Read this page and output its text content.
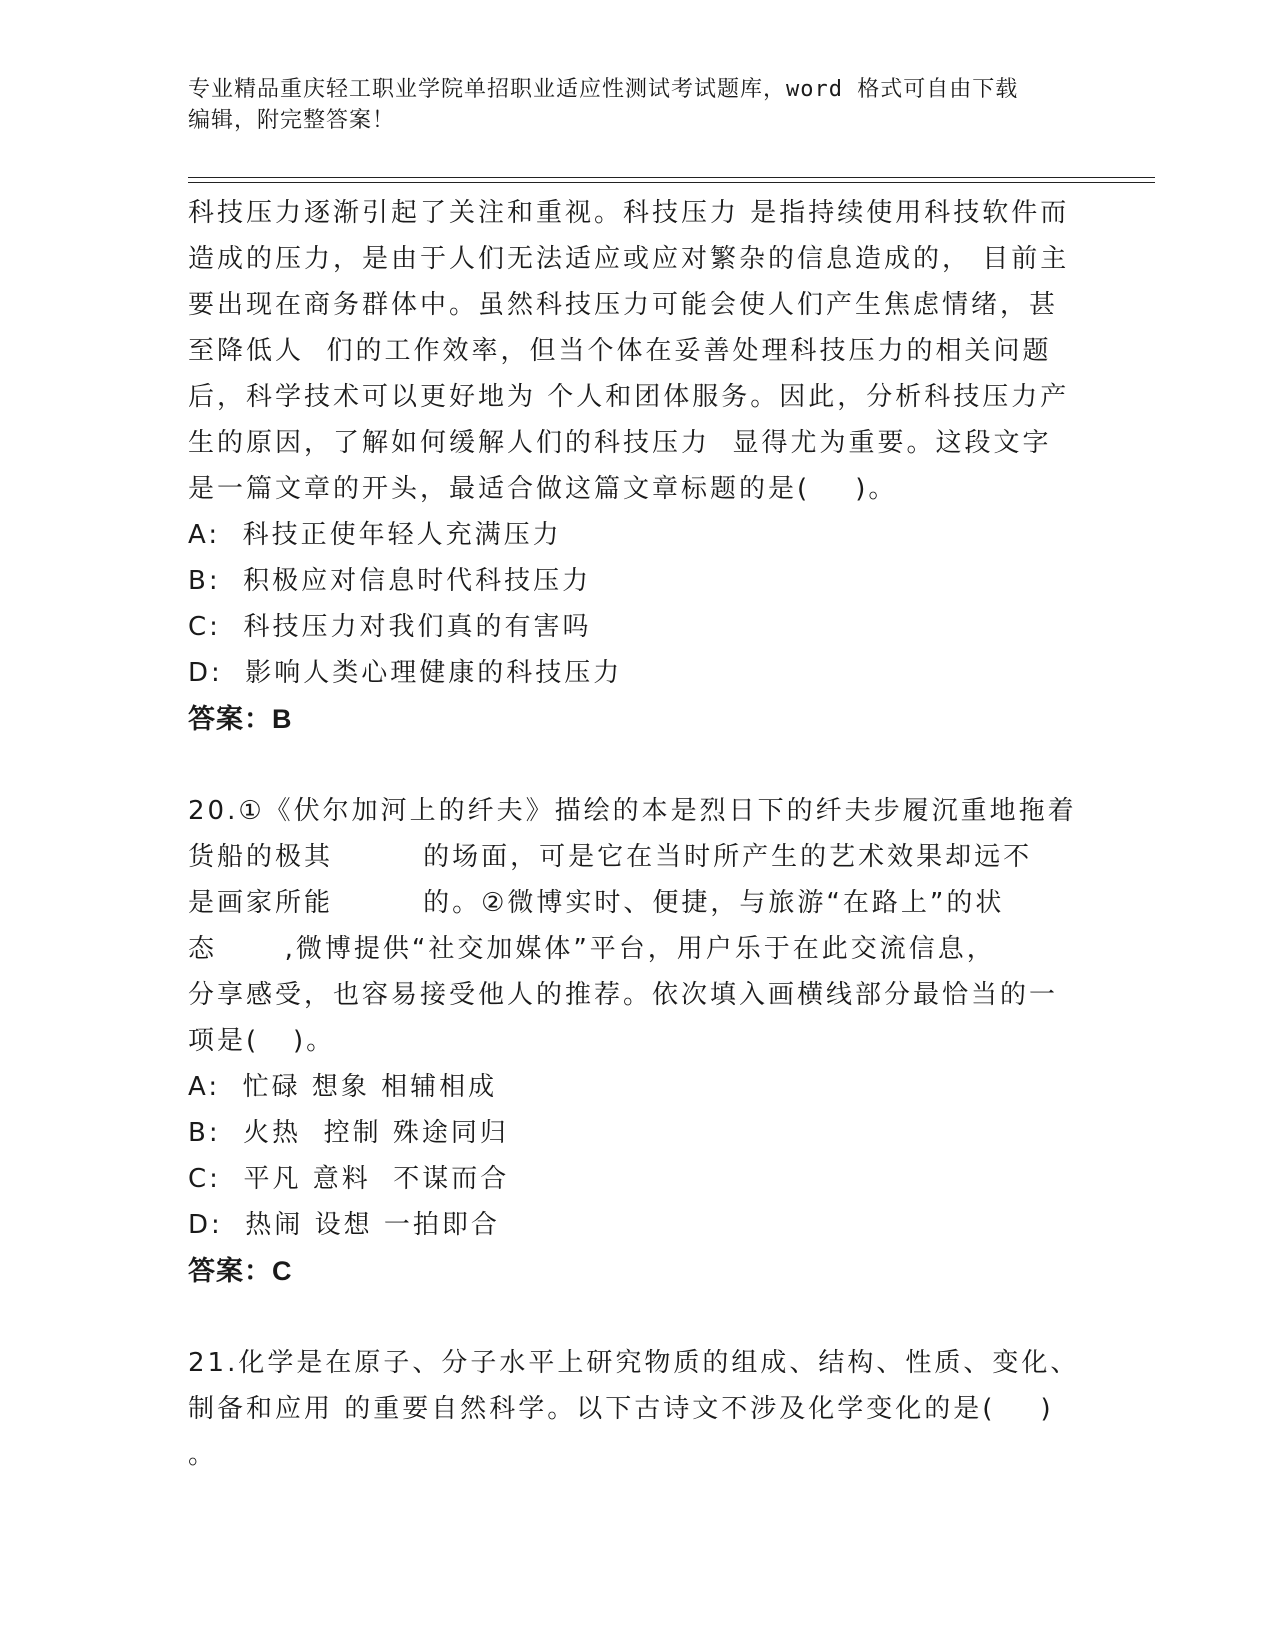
专业精品重庆轻工职业学院单招职业适应性测试考试题库，word 格式可自由下载
编辑，附完整答案！
科技压力逐渐引起了关注和重视。科技压力 是指持续使用科技软件而
造成的压力，是由于人们无法适应或应对繁杂的信息造成的， 目前主
要出现在商务群体中。虽然科技压力可能会使人们产生焦虑情绪，甚
至降低人  们的工作效率，但当个体在妥善处理科技压力的相关问题
后，科学技术可以更好地为 个人和团体服务。因此，分析科技压力产
生的原因，了解如何缓解人们的科技压力  显得尤为重要。这段文字
是一篇文章的开头，最适合做这篇文章标题的是(    )。
A:  科技正使年轻人充满压力
B:  积极应对信息时代科技压力
C:  科技压力对我们真的有害吗
D:  影响人类心理健康的科技压力
答案：B
20.①《伏尔加河上的纤夫》描绘的本是烈日下的纤夫步履沉重地拖着
货船的极其        的场面，可是它在当时所产生的艺术效果却远不
是画家所能        的。②微博实时、便捷，与旅游“在路上”的状
态      ,微博提供“社交加媒体”平台，用户乐于在此交流信息，
分享感受，也容易接受他人的推荐。依次填入画横线部分最恰当的一
项是(   )。
A:  忙碌 想象 相辅相成
B:  火热  控制 殊途同归
C:  平凡 意料  不谋而合
D:  热闹 设想 一拍即合
答案：C
21.化学是在原子、分子水平上研究物质的组成、结构、性质、变化、
制备和应用 的重要自然科学。以下古诗文不涉及化学变化的是(    )
。
